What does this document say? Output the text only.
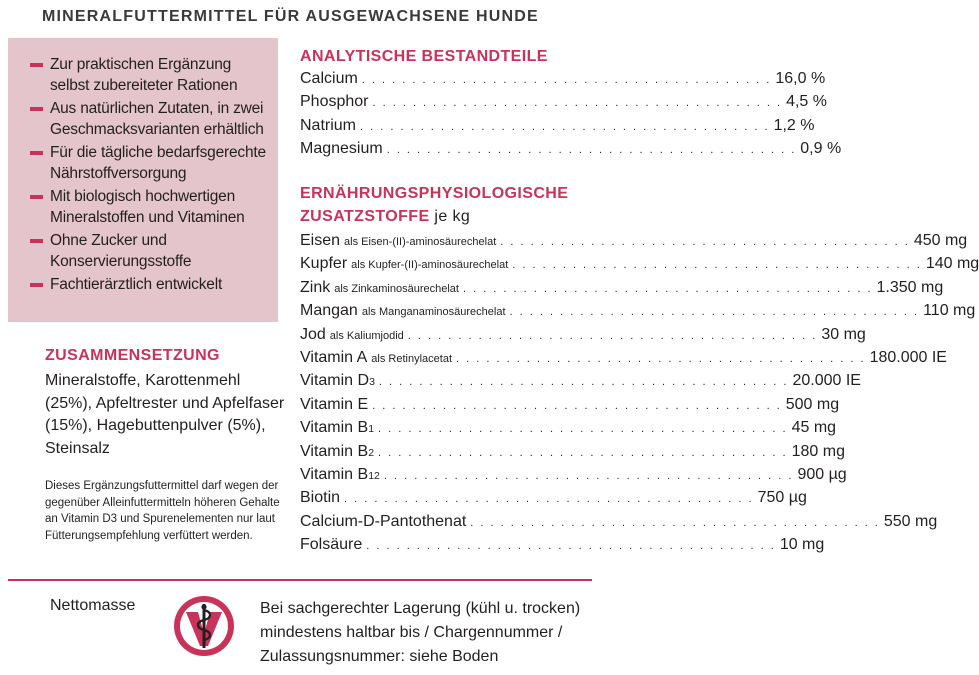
MINERALFUTTERMITTEL FÜR AUSGEWACHSENE HUNDE
Zur praktischen Ergänzung selbst zubereiteter Rationen
Aus natürlichen Zutaten, in zwei Geschmacksvarianten erhältlich
Für die tägliche bedarfsgerechte Nährstoffversorgung
Mit biologisch hochwertigen Mineralstoffen und Vitaminen
Ohne Zucker und Konservierungsstoffe
Fachtierärztlich entwickelt
ZUSAMMENSETZUNG
Mineralstoffe, Karottenmehl (25%), Apfeltrester und Apfelfaser (15%), Hagebuttenpulver (5%), Steinsalz
Dieses Ergänzungsfuttermittel darf wegen der gegenüber Alleinfuttermitteln höheren Gehalte an Vitamin D3 und Spurenelementen nur laut Fütterungsempfehlung verfüttert werden.
ANALYTISCHE BESTANDTEILE
Calcium . . . . . . . . . . . . . . . . . . . . . . . . . . . . . . . . . . . . . . . . . 16,0 %
Phosphor . . . . . . . . . . . . . . . . . . . . . . . . . . . . . . . . . . . . . . . . . 4,5 %
Natrium . . . . . . . . . . . . . . . . . . . . . . . . . . . . . . . . . . . . . . . . . 1,2 %
Magnesium . . . . . . . . . . . . . . . . . . . . . . . . . . . . . . . . . . . . . . . . . 0,9 %
ERNÄHRUNGSPHYSIOLOGISCHE
ZUSATZSTOFFE je kg
Eisen als Eisen-(II)-aminosäurechelat . . . . . . . . . . . . . . . . . . . . . . . . . . . . . . . . . . . . . . . . . 450 mg
Kupfer als Kupfer-(II)-aminosäurechelat . . . . . . . . . . . . . . . . . . . . . . . . . . . . . . . . . . . . . . . . . 140 mg
Zink als Zinkaminosäurechelat . . . . . . . . . . . . . . . . . . . . . . . . . . . . . . . . . . . . . . . . . 1.350 mg
Mangan als Manganaminosäurechelat . . . . . . . . . . . . . . . . . . . . . . . . . . . . . . . . . . . . . . . . . 110 mg
Jod als Kaliumjodid . . . . . . . . . . . . . . . . . . . . . . . . . . . . . . . . . . . . . . . . . 30 mg
Vitamin A als Retinylacetat . . . . . . . . . . . . . . . . . . . . . . . . . . . . . . . . . . . . . . . . . 180.000 IE
Vitamin D3 . . . . . . . . . . . . . . . . . . . . . . . . . . . . . . . . . . . . . . . . . 20.000 IE
Vitamin E . . . . . . . . . . . . . . . . . . . . . . . . . . . . . . . . . . . . . . . . . 500 mg
Vitamin B1 . . . . . . . . . . . . . . . . . . . . . . . . . . . . . . . . . . . . . . . . . 45 mg
Vitamin B2 . . . . . . . . . . . . . . . . . . . . . . . . . . . . . . . . . . . . . . . . . 180 mg
Vitamin B12 . . . . . . . . . . . . . . . . . . . . . . . . . . . . . . . . . . . . . . . . . 900 µg
Biotin . . . . . . . . . . . . . . . . . . . . . . . . . . . . . . . . . . . . . . . . . 750 µg
Calcium-D-Pantothenat . . . . . . . . . . . . . . . . . . . . . . . . . . . . . . . . . . . . . . . . . 550 mg
Folsäure . . . . . . . . . . . . . . . . . . . . . . . . . . . . . . . . . . . . . . . . . 10 mg
Nettomasse	Bei sachgerechter Lagerung (kühl u. trocken) mindestens haltbar bis / Chargennummer / Zulassungsnummer: siehe Boden
